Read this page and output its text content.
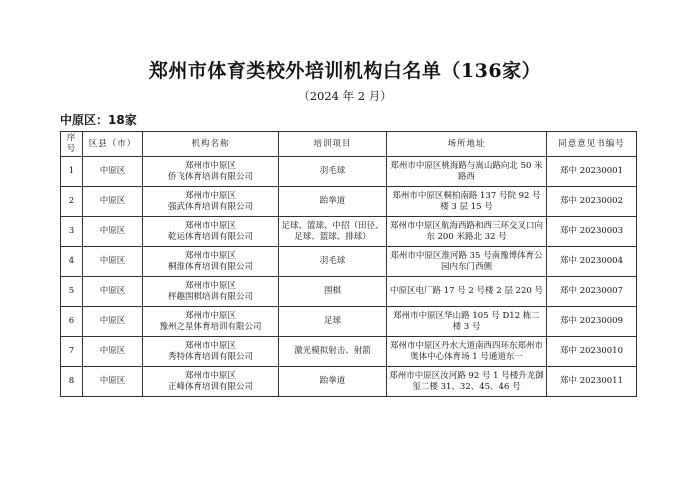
郑州市体育类校外培训机构白名单（136家）
（2024 年 2 月）
中原区：18家
序号	区县（市）	机构名称	培训项目	场所地址	同意意见书编号
1	中原区	郑州市中原区
侨飞体育培训有限公司	羽毛球	郑州市中原区桃海路与嵩山路向北 50 米路西	郑中 20230001
2	中原区	郑州市中原区
强武体育培训有限公司	跆拳道	郑州市中原区桐柏南路 137 号院 92 号楼 3 层 15 号	郑中 20230002
3	中原区	郑州市中原区
乾运体育培训有限公司	足球、篮球、中招（田径、足球、篮球、排球）	郑州市中原区航海西路和西三环交叉口向东 200 米路北 32 号	郑中 20230003
4	中原区	郑州市中原区
桐淮体育培训有限公司	羽毛球	郑州市中原区淮河路 35 号南豫博体育公园内东门西侧	郑中 20230004
5	中原区	郑州市中原区
枰趣围棋培训有限公司	围棋	中原区电厂路 17 号 2 号楼 2 层 220 号	郑中 20230007
6	中原区	郑州市中原区
豫州之星体育培训有限公司	足球	郑州市中原区华山路 105 号 D12 栋二楼 3 号	郑中 20230009
7	中原区	郑州市中原区
秀特体育培训有限公司	激光模拟射击、射箭	郑州市中原区丹水大道南西四环东郑州市奥体中心体育场 1 号通道东一	郑中 20230010
8	中原区	郑州市中原区
正峰体育培训有限公司	跆拳道	郑州市中原区汝河路 92 号 1 号楼升龙御玺二楼 31、32、45、46 号	郑中 20230011
